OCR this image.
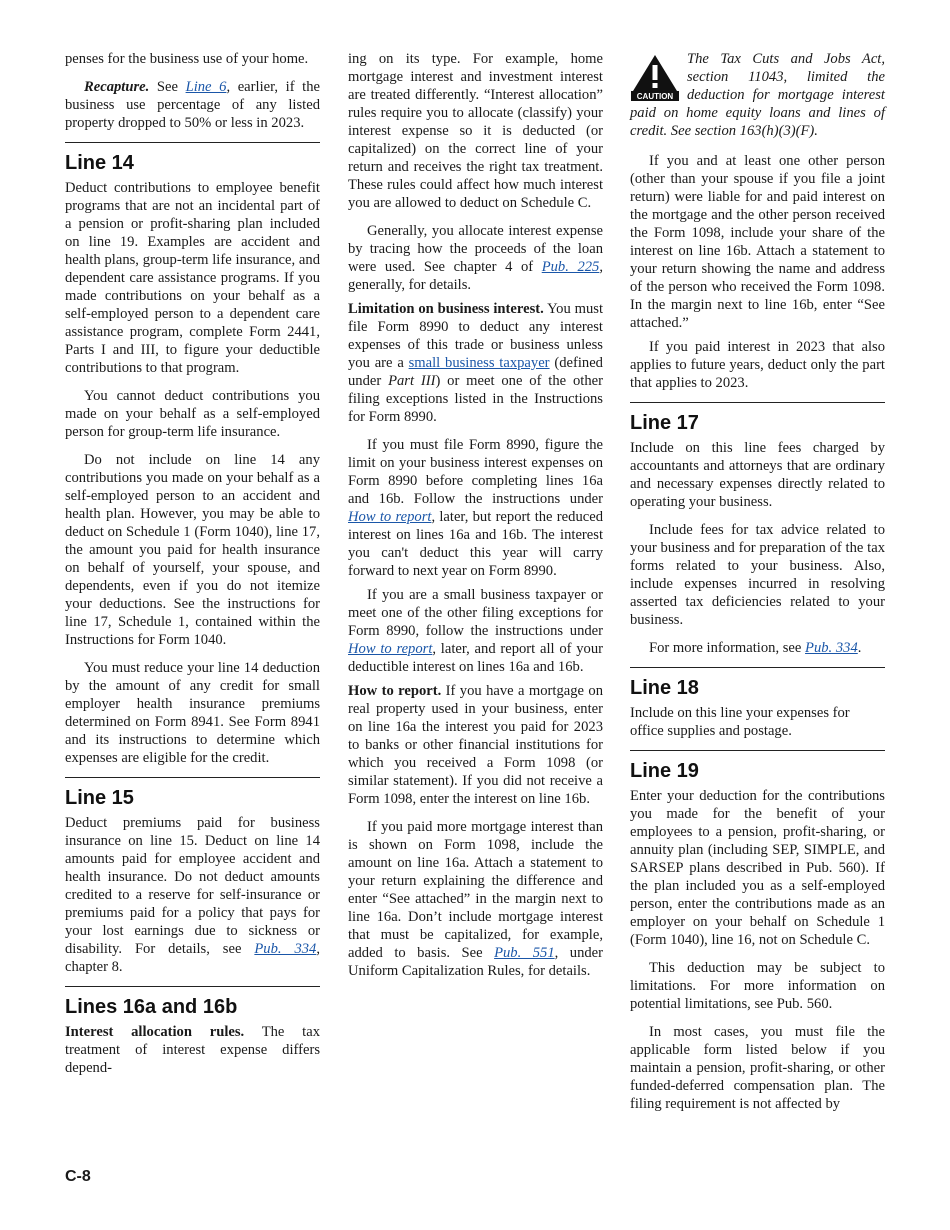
penses for the business use of your home.

Recapture. See Line 6, earlier, if the business use percentage of any listed property dropped to 50% or less in 2023.

Line 14

Deduct contributions to employee benefit programs that are not an incidental part of a pension or profit-sharing plan included on line 19. Examples are accident and health plans, group-term life insurance, and dependent care assistance programs. If you made contributions on your behalf as a self-employed person to a dependent care assistance program, complete Form 2441, Parts I and III, to figure your deductible contributions to that program.

You cannot deduct contributions you made on your behalf as a self-employed person for group-term life insurance.

Do not include on line 14 any contributions you made on your behalf as a self-employed person to an accident and health plan. However, you may be able to deduct on Schedule 1 (Form 1040), line 17, the amount you paid for health insurance on behalf of yourself, your spouse, and dependents, even if you do not itemize your deductions. See the instructions for line 17, Schedule 1, contained within the Instructions for Form 1040.

You must reduce your line 14 deduction by the amount of any credit for small employer health insurance premiums determined on Form 8941. See Form 8941 and its instructions to determine which expenses are eligible for the credit.

Line 15

Deduct premiums paid for business insurance on line 15. Deduct on line 14 amounts paid for employee accident and health insurance. Do not deduct amounts credited to a reserve for self-insurance or premiums paid for a policy that pays for your lost earnings due to sickness or disability. For details, see Pub. 334, chapter 8.

Lines 16a and 16b

Interest allocation rules. The tax treatment of interest expense differs depend-

ing on its type. For example, home mortgage interest and investment interest are treated differently. “Interest allocation” rules require you to allocate (classify) your interest expense so it is deducted (or capitalized) on the correct line of your return and receives the right tax treatment. These rules could affect how much interest you are allowed to deduct on Schedule C.

Generally, you allocate interest expense by tracing how the proceeds of the loan were used. See chapter 4 of Pub. 225, generally, for details.

Limitation on business interest. You must file Form 8990 to deduct any interest expenses of this trade or business unless you are a small business taxpayer (defined under Part III) or meet one of the other filing exceptions listed in the Instructions for Form 8990.

If you must file Form 8990, figure the limit on your business interest expenses on Form 8990 before completing lines 16a and 16b. Follow the instructions under How to report, later, but report the reduced interest on lines 16a and 16b. The interest you can't deduct this year will carry forward to next year on Form 8990.

If you are a small business taxpayer or meet one of the other filing exceptions for Form 8990, follow the instructions under How to report, later, and report all of your deductible interest on lines 16a and 16b.

How to report. If you have a mortgage on real property used in your business, enter on line 16a the interest you paid for 2023 to banks or other financial institutions for which you received a Form 1098 (or similar statement). If you did not receive a Form 1098, enter the interest on line 16b.

If you paid more mortgage interest than is shown on Form 1098, include the amount on line 16a. Attach a statement to your return explaining the difference and enter “See attached” in the margin next to line 16a. Don’t include mortgage interest that must be capitalized, for example, added to basis. See Pub. 551, under Uniform Capitalization Rules, for details.

CAUTION
The Tax Cuts and Jobs Act, section 11043, limited the deduction for mortgage interest paid on home equity loans and lines of credit. See section 163(h)(3)(F).

If you and at least one other person (other than your spouse if you file a joint return) were liable for and paid interest on the mortgage and the other person received the Form 1098, include your share of the interest on line 16b. Attach a statement to your return showing the name and address of the person who received the Form 1098. In the margin next to line 16b, enter “See attached.”

If you paid interest in 2023 that also applies to future years, deduct only the part that applies to 2023.

Line 17

Include on this line fees charged by accountants and attorneys that are ordinary and necessary expenses directly related to operating your business.

Include fees for tax advice related to your business and for preparation of the tax forms related to your business. Also, include expenses incurred in resolving asserted tax deficiencies related to your business.

For more information, see Pub. 334.

Line 18

Include on this line your expenses for office supplies and postage.

Line 19

Enter your deduction for the contributions you made for the benefit of your employees to a pension, profit-sharing, or annuity plan (including SEP, SIMPLE, and SARSEP plans described in Pub. 560). If the plan included you as a self-employed person, enter the contributions made as an employer on your behalf on Schedule 1 (Form 1040), line 16, not on Schedule C.

This deduction may be subject to limitations. For more information on potential limitations, see Pub. 560.

In most cases, you must file the applicable form listed below if you maintain a pension, profit-sharing, or other funded-deferred compensation plan. The filing requirement is not affected by

C-8
